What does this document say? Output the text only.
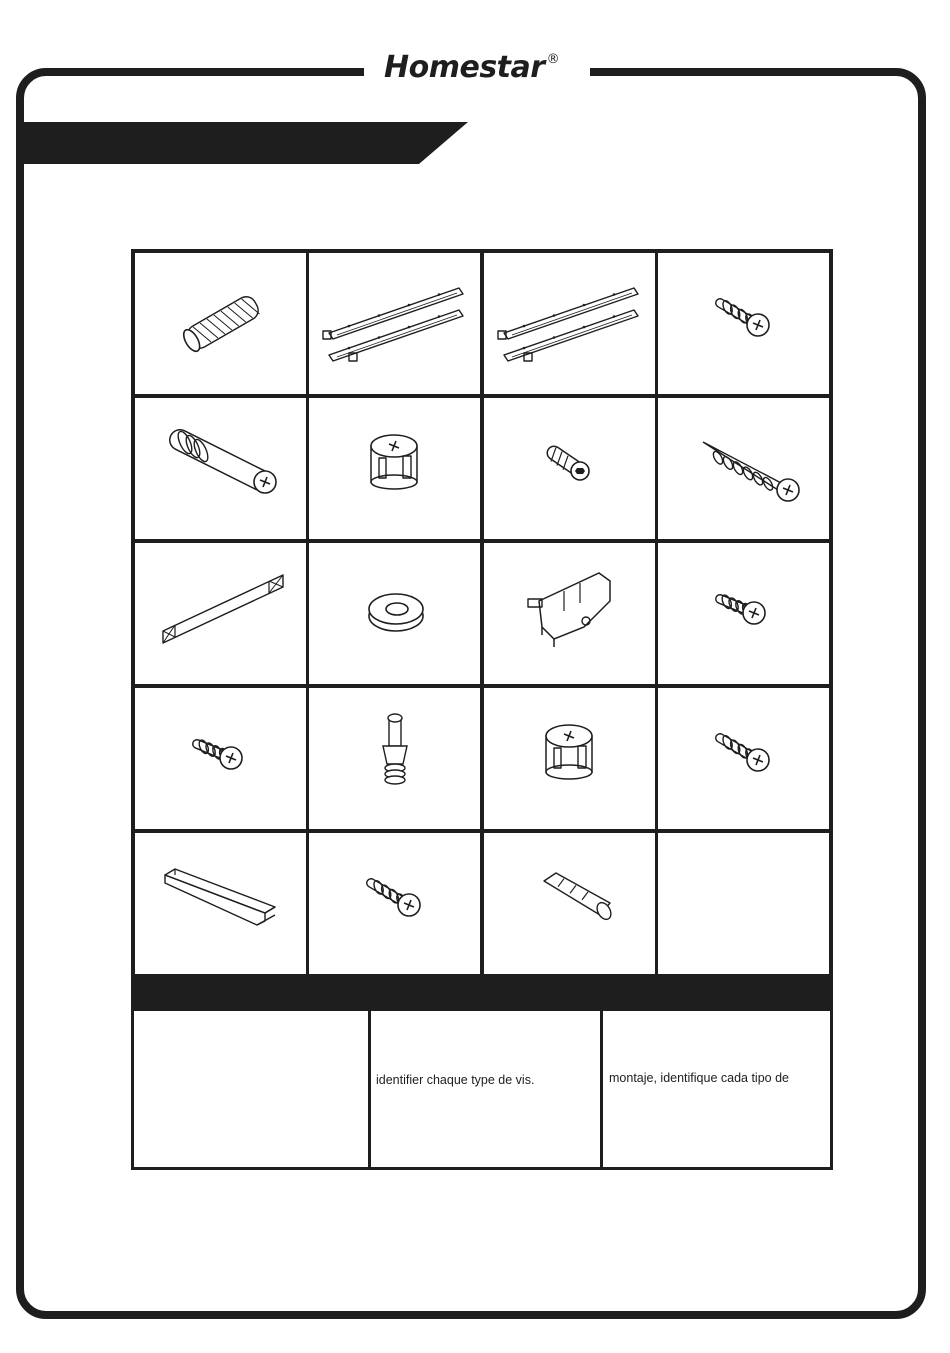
Homestar ®
identifier chaque type de vis.	montaje, identifique cada tipo de
